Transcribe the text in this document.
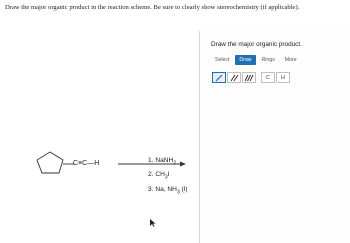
Draw the major organic product in the reaction scheme. Be sure to clearly show stereochemistry (if applicable).
C≡C—H	1. NaNH$_2$
2. $CH_3I$
3. Na, $NH_3$ (l)
Draw the major organic product.
Select	Draw	Rings	More
C H
